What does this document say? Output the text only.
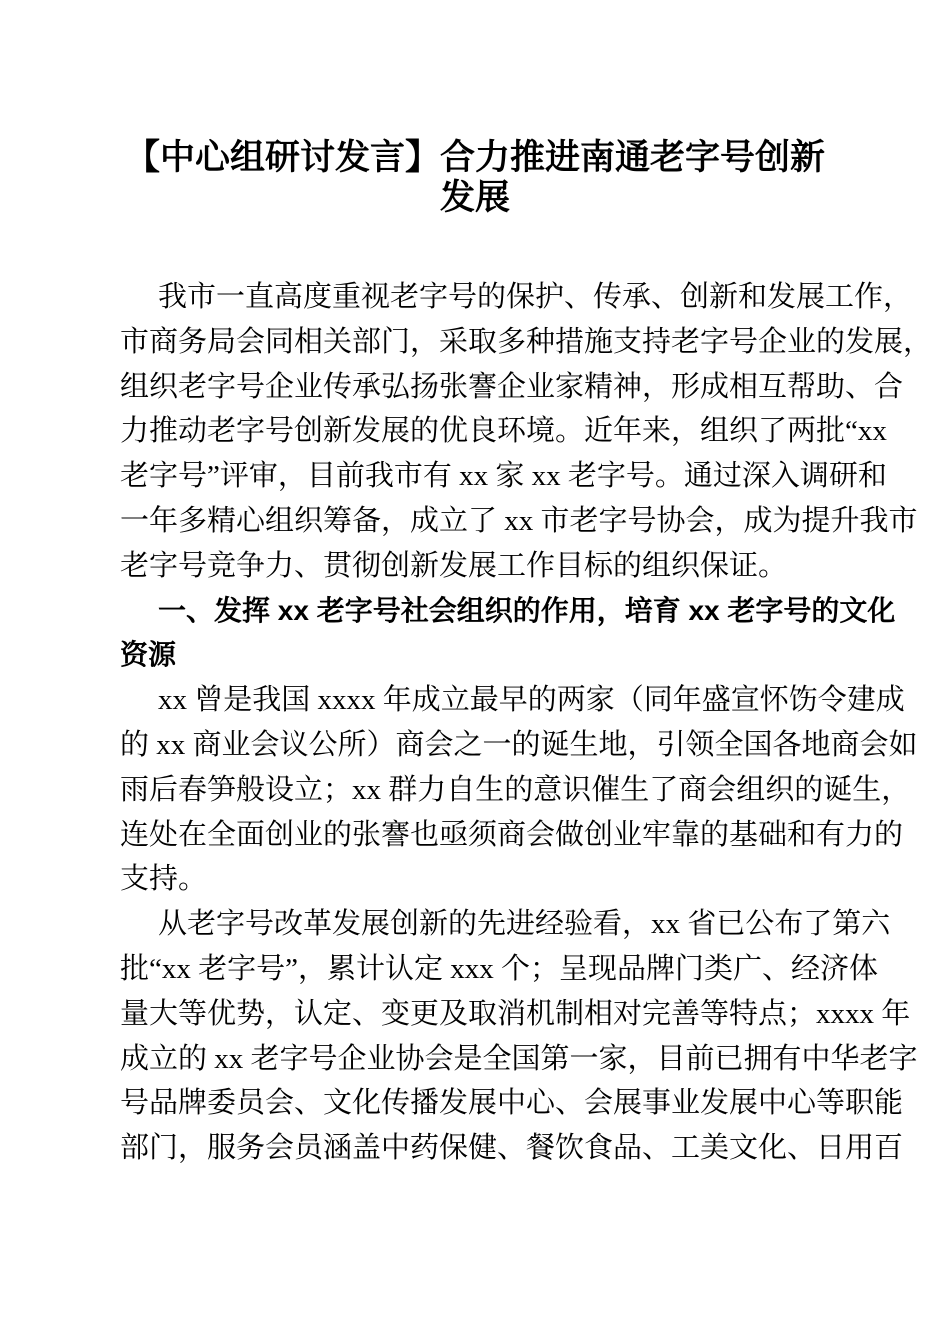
【中心组研讨发言】合力推进南通老字号创新
发展
我市一直高度重视老字号的保护、传承、创新和发展工作，
市商务局会同相关部门，采取多种措施支持老字号企业的发展，
组织老字号企业传承弘扬张謇企业家精神，形成相互帮助、合
力推动老字号创新发展的优良环境。近年来，组织了两批“xx
老字号”评审，目前我市有 xx 家 xx 老字号。通过深入调研和
一年多精心组织筹备，成立了 xx 市老字号协会，成为提升我市
老字号竞争力、贯彻创新发展工作目标的组织保证。
一、发挥 xx 老字号社会组织的作用，培育 xx 老字号的文化
资源
xx 曾是我国 xxxx 年成立最早的两家（同年盛宣怀饬令建成
的 xx 商业会议公所）商会之一的诞生地，引领全国各地商会如
雨后春笋般设立；xx 群力自生的意识催生了商会组织的诞生，
连处在全面创业的张謇也亟须商会做创业牢靠的基础和有力的
支持。
从老字号改革发展创新的先进经验看，xx 省已公布了第六
批“xx 老字号”，累计认定 xxx 个；呈现品牌门类广、经济体
量大等优势，认定、变更及取消机制相对完善等特点；xxxx 年
成立的 xx 老字号企业协会是全国第一家，目前已拥有中华老字
号品牌委员会、文化传播发展中心、会展事业发展中心等职能
部门，服务会员涵盖中药保健、餐饮食品、工美文化、日用百
